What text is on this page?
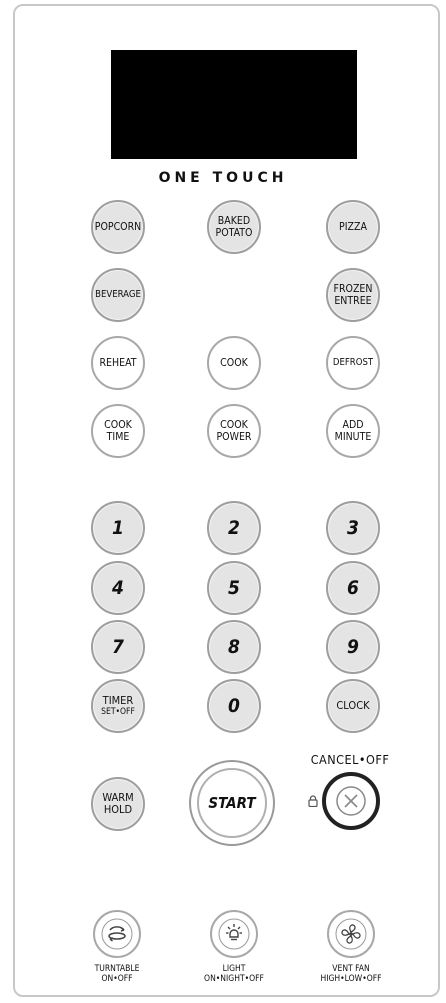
ONE TOUCH
POPCORN	BAKED
POTATO	PIZZA
BEVERAGE	FROZEN
ENTREE
REHEAT	COOK	DEFROST
COOK
TIME
COOK
POWER
ADD
MINUTE
1	2	3
4	5	6
7	8	9
TIMER
SET•OFF	0	CLOCK
WARM
HOLD	START
CANCEL•OFF
TURNTABLE
ON•OFF
LIGHT
ON•NIGHT•OFF
VENT FAN
HIGH•LOW•OFF
